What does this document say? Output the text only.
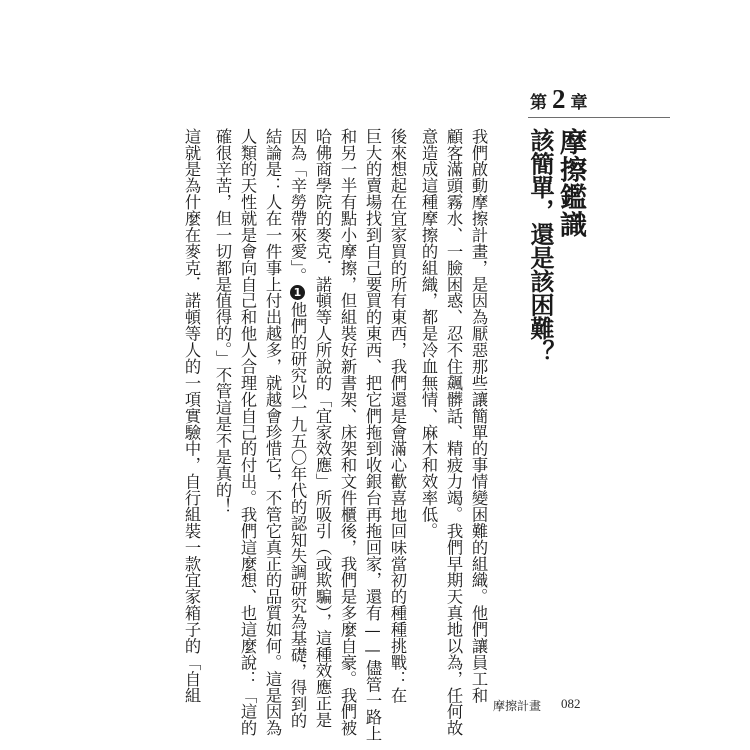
第 2 章
摩擦鑑識
該簡單，還是該困難？
我們啟動摩擦計畫，是因為厭惡那些讓簡單的事情變困難的組織。他們讓員工和
顧客滿頭霧水、一臉困惑、忍不住飆髒話、精疲力竭。我們早期天真地以為，任何故
意造成這種摩擦的組織，都是冷血無情、麻木和效率低。
後來想起在宜家買的所有東西，我們還是會滿心歡喜地回味當初的種種挑戰：在
巨大的賣場找到自己要買的東西、把它們拖到收銀台再拖回家，還有——儘管一路上
和另一半有點小摩擦，但組裝好新書架、床架和文件櫃後，我們是多麼自豪。我們被
哈佛商學院的麥克．諾頓等人所說的「宜家效應」所吸引（或欺騙），這種效應正是
因為「辛勞帶來愛」。1他們的研究以一九五〇年代的認知失調研究為基礎，得到的
結論是：人在一件事上付出越多，就越會珍惜它，不管它真正的品質如何。這是因為
人類的天性就是會向自己和他人合理化自己的付出。我們這麼想、也這麼說：「這的
確很辛苦，但一切都是值得的。」不管這是不是真的！
這就是為什麼在麥克．諾頓等人的一項實驗中，自行組裝一款宜家箱子的「自組
摩擦計畫 082
